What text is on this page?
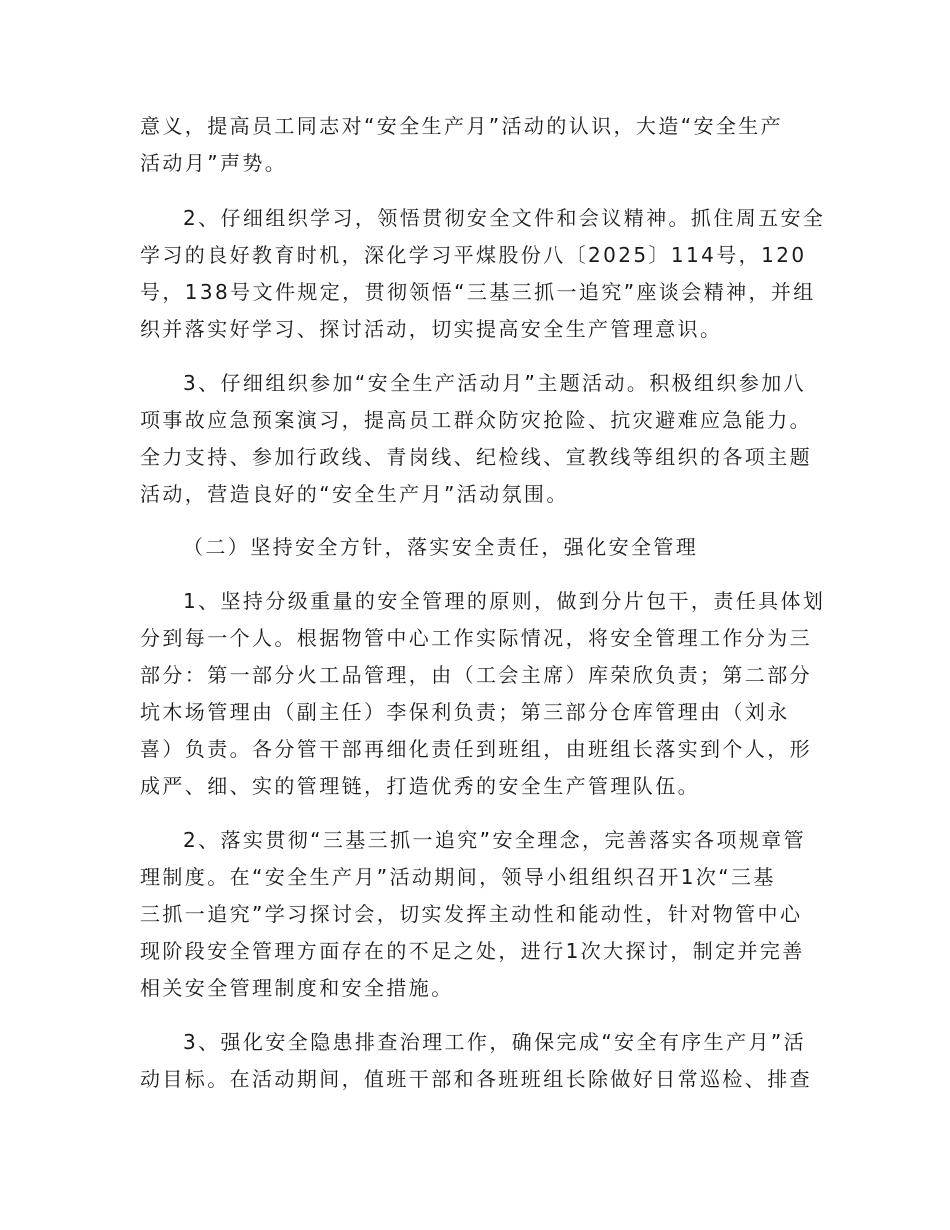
意义，提高员工同志对“安全生产月”活动的认识，大造“安全生产
活动月”声势。
2、仔细组织学习，领悟贯彻安全文件和会议精神。抓住周五安全
学习的良好教育时机，深化学习平煤股份八〔2025〕114号，120
号，138号文件规定，贯彻领悟“三基三抓一追究”座谈会精神，并组
织并落实好学习、探讨活动，切实提高安全生产管理意识。
3、仔细组织参加“安全生产活动月”主题活动。积极组织参加八
项事故应急预案演习，提高员工群众防灾抢险、抗灾避难应急能力。
全力支持、参加行政线、青岗线、纪检线、宣教线等组织的各项主题
活动，营造良好的“安全生产月”活动氛围。
（二）坚持安全方针，落实安全责任，强化安全管理
1、坚持分级重量的安全管理的原则，做到分片包干，责任具体划
分到每一个人。根据物管中心工作实际情况，将安全管理工作分为三
部分：第一部分火工品管理，由（工会主席）库荣欣负责；第二部分
坑木场管理由（副主任）李保利负责；第三部分仓库管理由（刘永
喜）负责。各分管干部再细化责任到班组，由班组长落实到个人，形
成严、细、实的管理链，打造优秀的安全生产管理队伍。
2、落实贯彻“三基三抓一追究”安全理念，完善落实各项规章管
理制度。在“安全生产月”活动期间，领导小组组织召开1次“三基
三抓一追究”学习探讨会，切实发挥主动性和能动性，针对物管中心
现阶段安全管理方面存在的不足之处，进行1次大探讨，制定并完善
相关安全管理制度和安全措施。
3、强化安全隐患排查治理工作，确保完成“安全有序生产月”活
动目标。在活动期间，值班干部和各班班组长除做好日常巡检、排查
